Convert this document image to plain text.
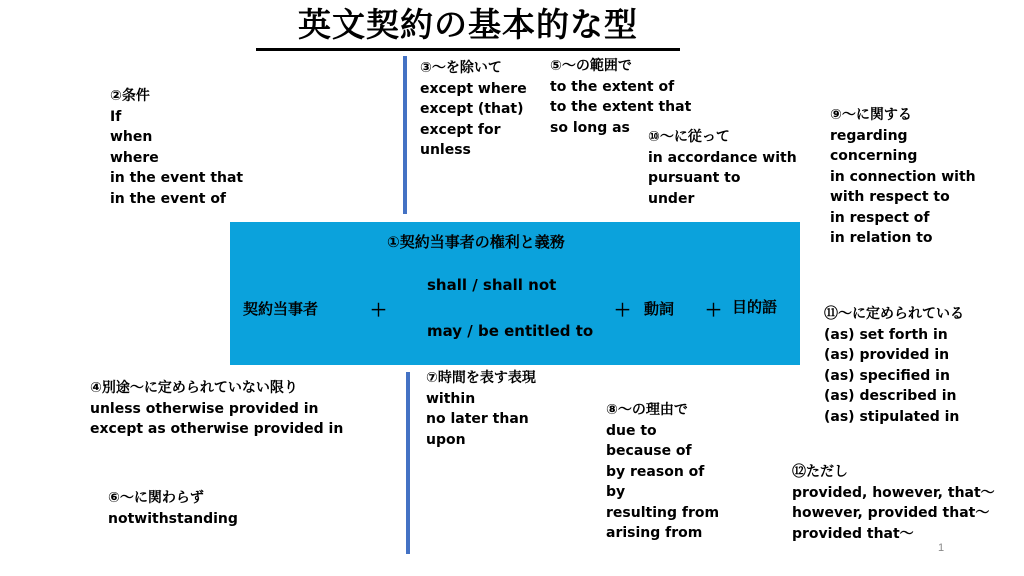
英文契約の基本的な型
②条件
If
when
where
in the event that
in the event of
③～を除いて
except where
except (that)
except for
unless
⑤～の範囲で
to the extent of
to the extent that
so long as
⑩～に従って
in accordance with
pursuant to
under
⑨～に関する
regarding
concerning
in connection with
with respect to
in respect of
in relation to
①契約当事者の権利と義務
契約当事者	＋
shall / shall not
may / be entitled to
＋ 動詞 ＋ 目的語	⑪～に定められている
(as) set forth in
(as) provided in
(as) specified in
(as) described in
(as) stipulated in
④別途～に定められていない限り
unless otherwise provided in
except as otherwise provided in
⑦時間を表す表現
within
no later than
upon
⑧～の理由で
due to
because of
by reason of
by
resulting from
arising from
⑥～に関わらず
notwithstanding
⑫ただし
provided, however, that～
however, provided that～
provided that～
1
